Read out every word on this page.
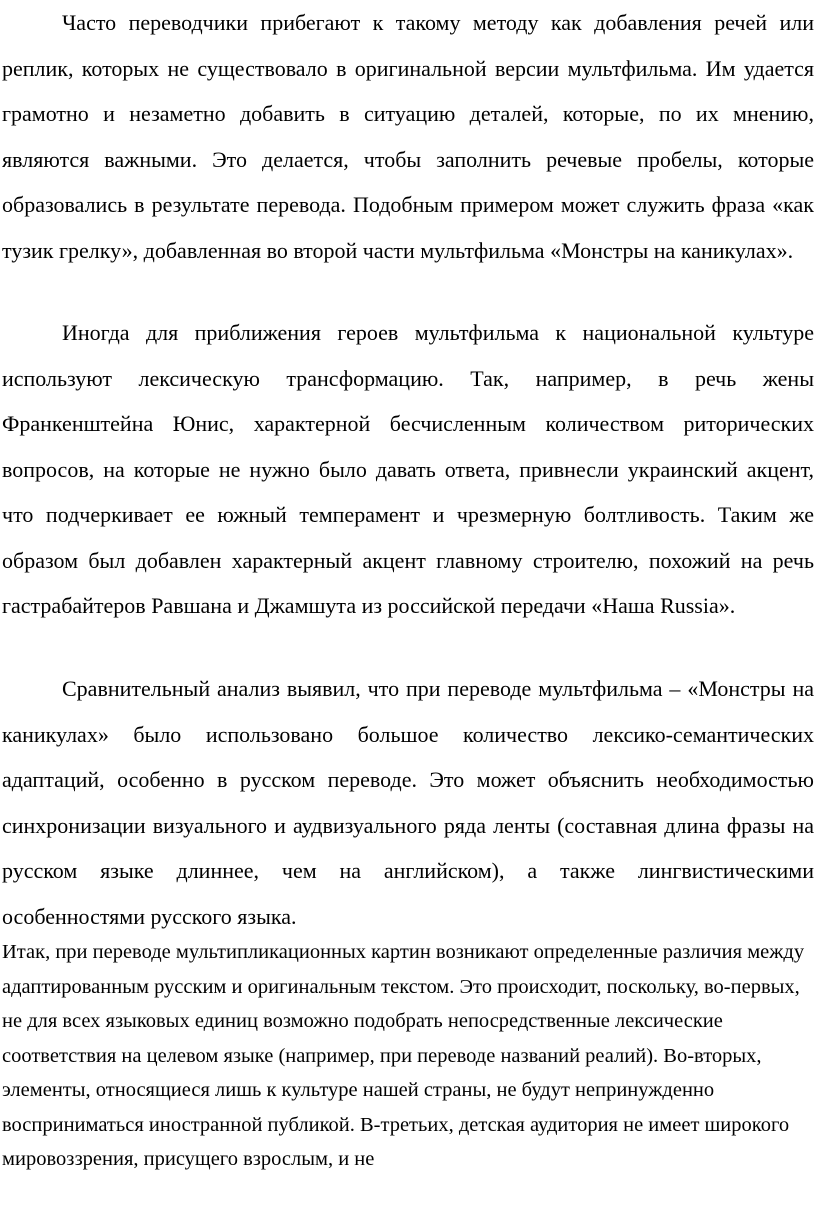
Часто переводчики прибегают к такому методу как добавления речей или реплик, которых не существовало в оригинальной версии мультфильма. Им удается грамотно и незаметно добавить в ситуацию деталей, которые, по их мнению, являются важными. Это делается, чтобы заполнить речевые пробелы, которые образовались в результате перевода. Подобным примером может служить фраза «как тузик грелку», добавленная во второй части мультфильма «Монстры на каникулах».

Иногда для приближения героев мультфильма к национальной культуре используют лексическую трансформацию. Так, например, в речь жены Франкенштейна Юнис, характерной бесчисленным количеством риторических вопросов, на которые не нужно было давать ответа, привнесли украинский акцент, что подчеркивает ее южный темперамент и чрезмерную болтливость. Таким же образом был добавлен характерный акцент главному строителю, похожий на речь гастрабайтеров Равшана и Джамшута из российской передачи «Наша Russia».

Сравнительный анализ выявил, что при переводе мультфильма – «Монстры на каникулах» было использовано большое количество лексико-семантических адаптаций, особенно в русском переводе. Это может объяснить необходимостью синхронизации визуального и аудвизуального ряда ленты (составная длина фразы на русском языке длиннее, чем на английском), а также лингвистическими особенностями русского языка.

Итак, при переводе мультипликационных картин возникают определенные различия между адаптированным русским и оригинальным текстом. Это происходит, поскольку, во-первых, не для всех языковых единиц возможно подобрать непосредственные лексические соответствия на целевом языке (например, при переводе названий реалий). Во-вторых, элементы, относящиеся лишь к культуре нашей страны, не будут непринужденно восприниматься иностранной публикой. В-третьих, детская аудитория не имеет широкого мировоззрения, присущего взрослым, и не
